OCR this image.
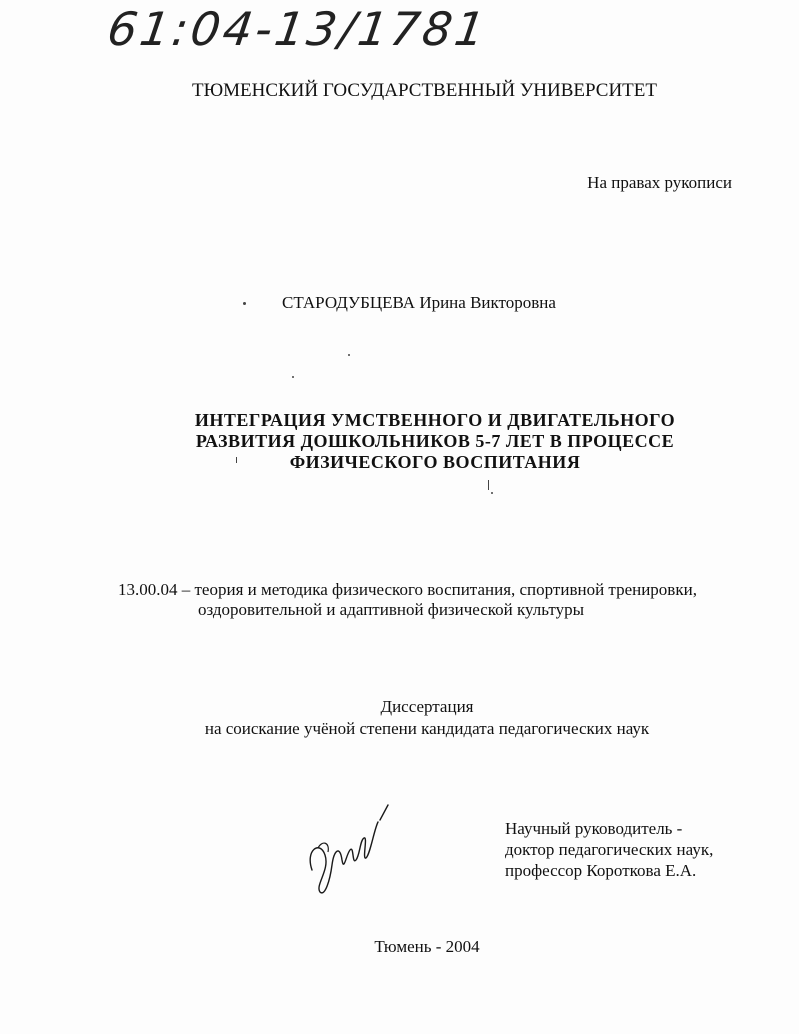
61:04-13/1781
ТЮМЕНСКИЙ ГОСУДАРСТВЕННЫЙ УНИВЕРСИТЕТ
На правах рукописи
СТАРОДУБЦЕВА Ирина Викторовна
ИНТЕГРАЦИЯ УМСТВЕННОГО И ДВИГАТЕЛЬНОГО
РАЗВИТИЯ ДОШКОЛЬНИКОВ 5-7 ЛЕТ В ПРОЦЕССЕ
ФИЗИЧЕСКОГО ВОСПИТАНИЯ
13.00.04 – теория и методика физического воспитания, спортивной тренировки,
оздоровительной и адаптивной физической культуры
Диссертация
на соискание учёной степени кандидата педагогических наук
Научный руководитель -
доктор педагогических наук,
профессор Короткова Е.А.
Тюмень - 2004
